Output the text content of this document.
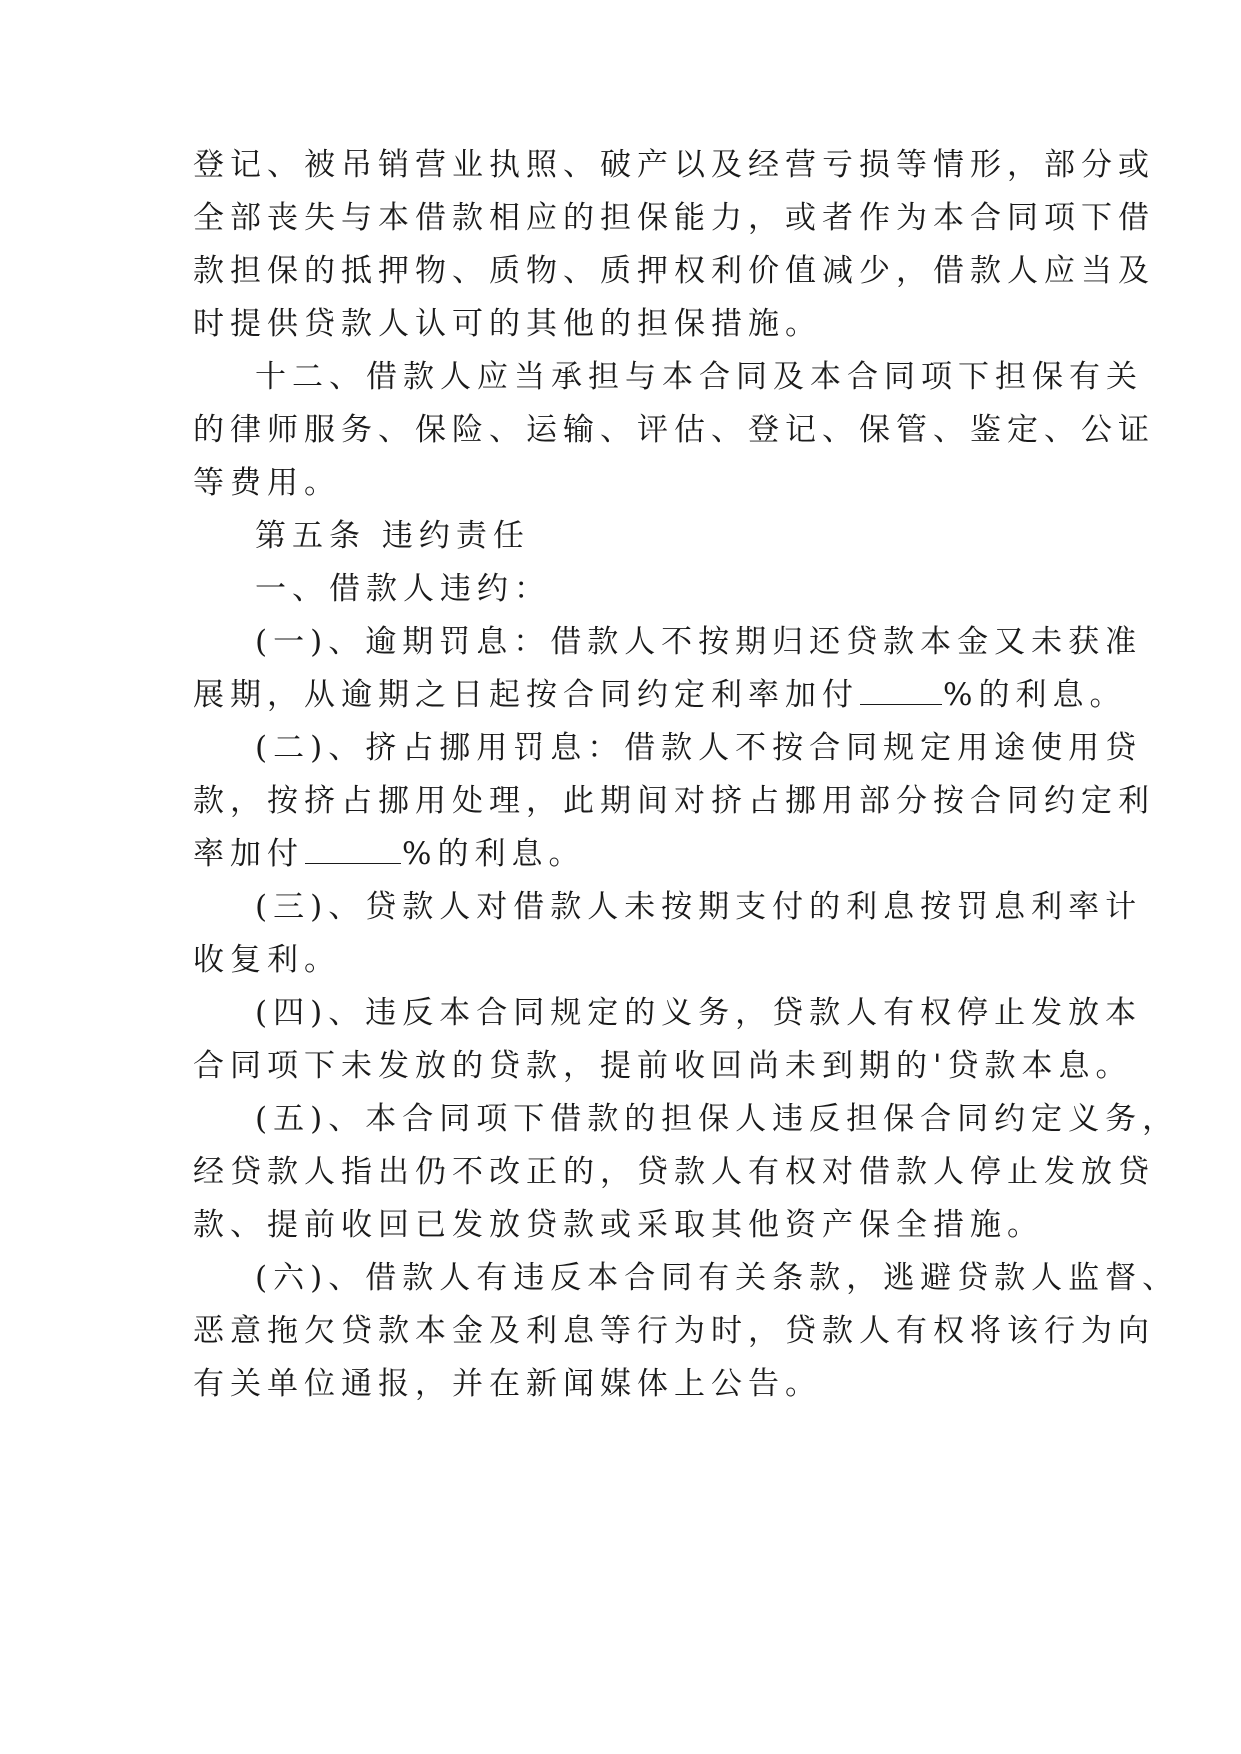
登记、被吊销营业执照、破产以及经营亏损等情形，部分或
全部丧失与本借款相应的担保能力，或者作为本合同项下借
款担保的抵押物、质物、质押权利价值减少，借款人应当及
时提供贷款人认可的其他的担保措施。
十二、借款人应当承担与本合同及本合同项下担保有关
的律师服务、保险、运输、评估、登记、保管、鉴定、公证
等费用。
第五条 违约责任
一、借款人违约：
(一)、逾期罚息：借款人不按期归还贷款本金又未获准
展期，从逾期之日起按合同约定利率加付	%的利息。
(二)、挤占挪用罚息：借款人不按合同规定用途使用贷
款，按挤占挪用处理，此期间对挤占挪用部分按合同约定利
率加付	%的利息。
(三)、贷款人对借款人未按期支付的利息按罚息利率计
收复利。
(四)、违反本合同规定的义务，贷款人有权停止发放本
合同项下未发放的贷款，提前收回尚未到期的'贷款本息。
(五)、本合同项下借款的担保人违反担保合同约定义务，
经贷款人指出仍不改正的，贷款人有权对借款人停止发放贷
款、提前收回已发放贷款或采取其他资产保全措施。
(六)、借款人有违反本合同有关条款，逃避贷款人监督、
恶意拖欠贷款本金及利息等行为时，贷款人有权将该行为向
有关单位通报，并在新闻媒体上公告。
